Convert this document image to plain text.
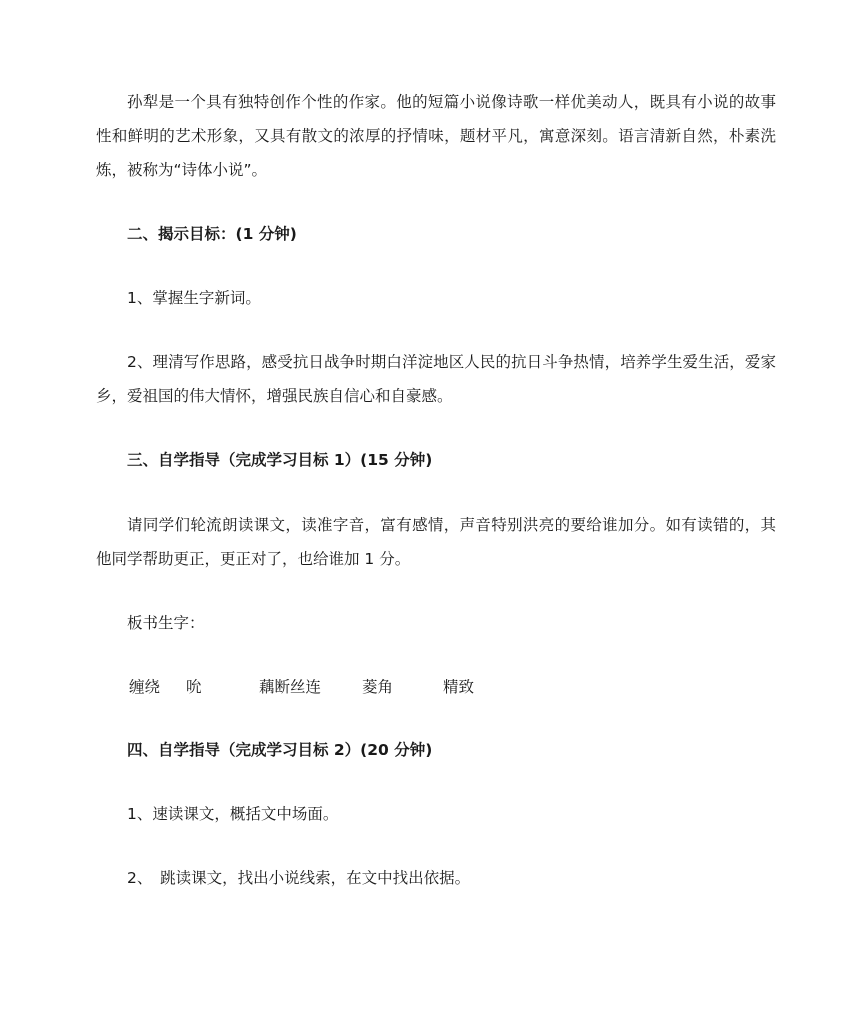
孙犁是一个具有独特创作个性的作家。他的短篇小说像诗歌一样优美动人，既具有小说的故事性和鲜明的艺术形象，又具有散文的浓厚的抒情味，题材平凡，寓意深刻。语言清新自然，朴素洗炼，被称为“诗体小说”。

二、揭示目标：(1 分钟)

1、掌握生字新词。

2、理清写作思路，感受抗日战争时期白洋淀地区人民的抗日斗争热情，培养学生爱生活，爱家乡，爱祖国的伟大情怀，增强民族自信心和自豪感。

三、自学指导（完成学习目标 1）(15 分钟)

请同学们轮流朗读课文，读准字音，富有感情，声音特别洪亮的要给谁加分。如有读错的，其他同学帮助更正，更正对了，也给谁加 1 分。

板书生字：

缠绕 吮	藕断丝连	菱角	精致

四、自学指导（完成学习目标 2）(20 分钟)

1、速读课文，概括文中场面。

2、　跳读课文，找出小说线索，在文中找出依据。
